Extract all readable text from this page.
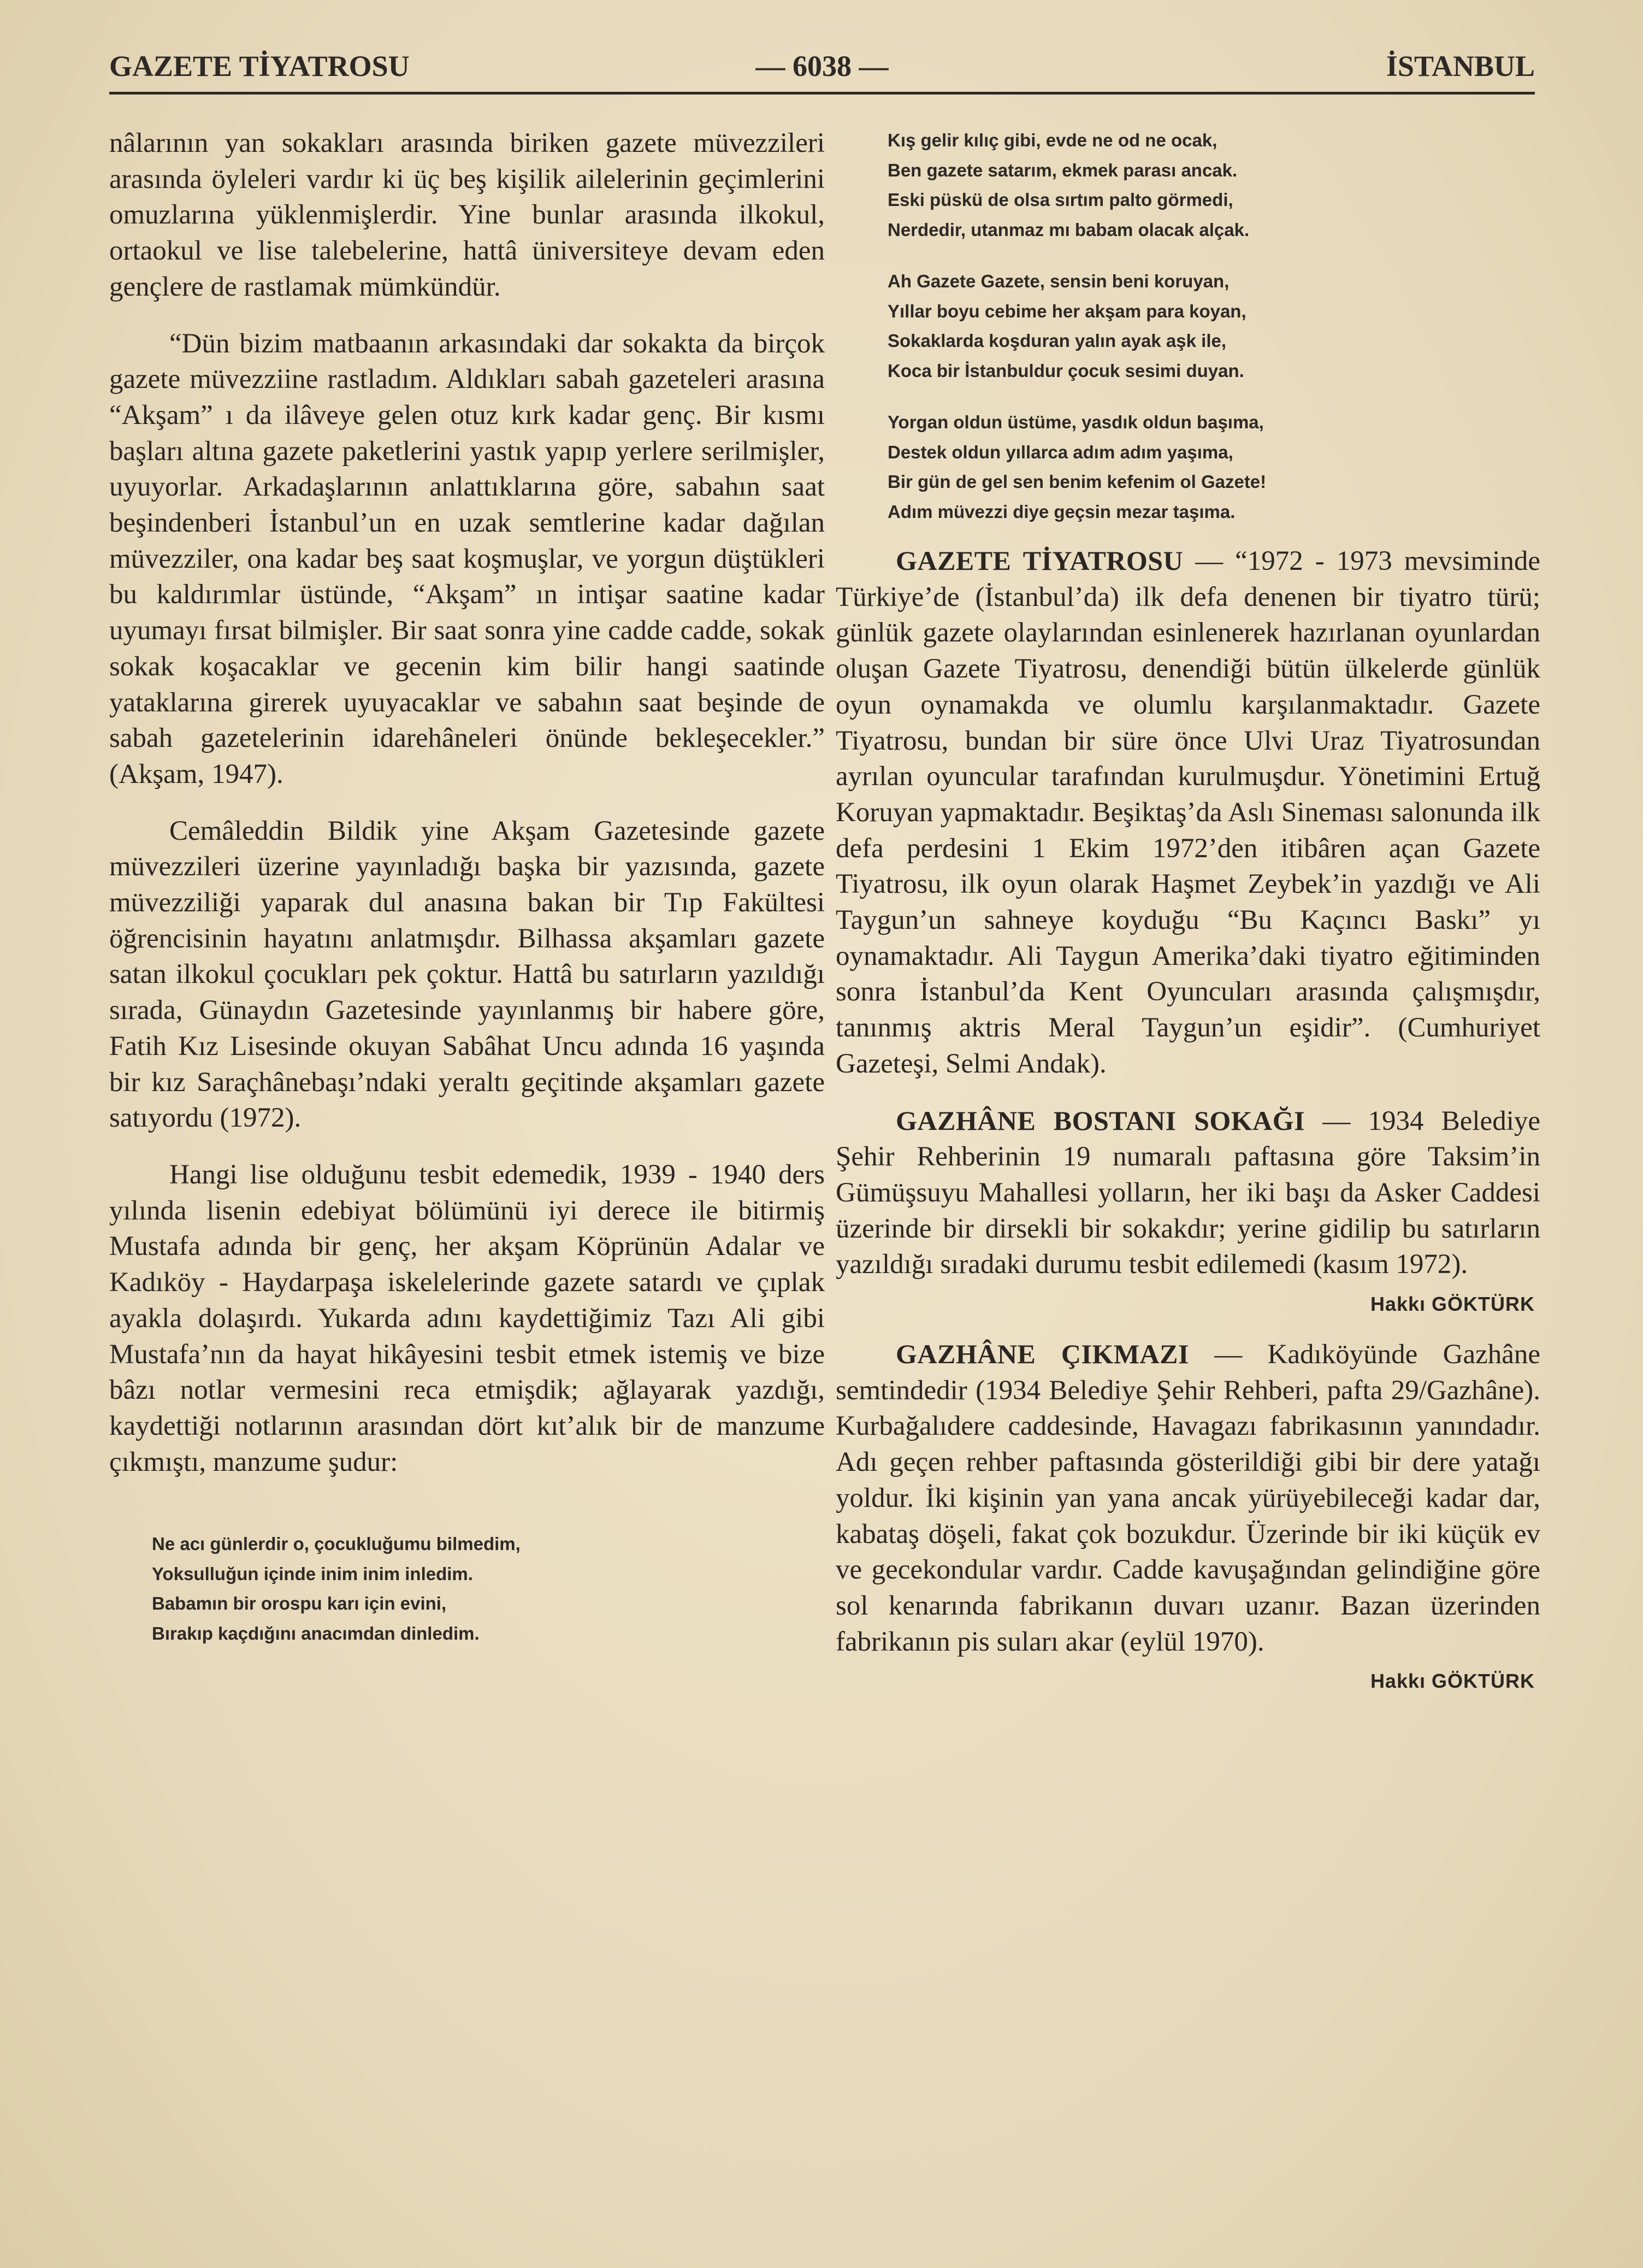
GAZETE TİYATROSU	— 6038 —	İSTANBUL

nâlarının yan sokakları arasında biriken gazete müvezzileri arasında öyleleri vardır ki üç beş kişilik ailelerinin geçimlerini omuzlarına yüklenmişlerdir. Yine bunlar arasında ilkokul, ortaokul ve lise talebelerine, hattâ üniversiteye devam eden gençlere de rastlamak mümkündür.

“Dün bizim matbaanın arkasındaki dar sokakta da birçok gazete müvezziine rastladım. Aldıkları sabah gazeteleri arasına “Akşam” ı da ilâveye gelen otuz kırk kadar genç. Bir kısmı başları altına gazete paketlerini yastık yapıp yerlere serilmişler, uyuyorlar. Arkadaşlarının anlattıklarına göre, sabahın saat beşindenberi İstanbul’un en uzak semtlerine kadar dağılan müvezziler, ona kadar beş saat koşmuşlar, ve yorgun düştükleri bu kaldırımlar üstünde, “Akşam” ın intişar saatine kadar uyumayı fırsat bilmişler. Bir saat sonra yine cadde cadde, sokak sokak koşacaklar ve gecenin kim bilir hangi saatinde yataklarına girerek uyuyacaklar ve sabahın saat beşinde de sabah gazetelerinin idarehâneleri önünde bekleşecekler.” (Akşam, 1947).

Cemâleddin Bildik yine Akşam Gazetesinde gazete müvezzileri üzerine yayınladığı başka bir yazısında, gazete müvezziliği yaparak dul anasına bakan bir Tıp Fakültesi öğrencisinin hayatını anlatmışdır. Bilhassa akşamları gazete satan ilkokul çocukları pek çoktur. Hattâ bu satırların yazıldığı sırada, Günaydın Gazetesinde yayınlanmış bir habere göre, Fatih Kız Lisesinde okuyan Sabâhat Uncu adında 16 yaşında bir kız Saraçhânebaşı’ndaki yeraltı geçitinde akşamları gazete satıyordu (1972).

Hangi lise olduğunu tesbit edemedik, 1939 - 1940 ders yılında lisenin edebiyat bölümünü iyi derece ile bitirmiş Mustafa adında bir genç, her akşam Köprünün Adalar ve Kadıköy - Haydarpaşa iskelelerinde gazete satardı ve çıplak ayakla dolaşırdı. Yukarda adını kaydettiğimiz Tazı Ali gibi Mustafa’nın da hayat hikâyesini tesbit etmek istemiş ve bize bâzı notlar vermesini reca etmişdik; ağlayarak yazdığı, kaydettiği notlarının arasından dört kıt’alık bir de manzume çıkmıştı, manzume şudur:

Ne acı günlerdir o, çocukluğumu bilmedim,
Yoksulluğun içinde inim inim inledim.
Babamın bir orospu karı için evini,
Bırakıp kaçdığını anacımdan dinledim.
Kış gelir kılıç gibi, evde ne od ne ocak,
Ben gazete satarım, ekmek parası ancak.
Eski püskü de olsa sırtım palto görmedi,
Nerdedir, utanmaz mı babam olacak alçak.
Ah Gazete Gazete, sensin beni koruyan,
Yıllar boyu cebime her akşam para koyan,
Sokaklarda koşduran yalın ayak aşk ile,
Koca bir İstanbuldur çocuk sesimi duyan.
Yorgan oldun üstüme, yasdık oldun başıma,
Destek oldun yıllarca adım adım yaşıma,
Bir gün de gel sen benim kefenim ol Gazete!
Adım müvezzi diye geçsin mezar taşıma.

GAZETE TİYATROSU — “1972 - 1973 mevsiminde Türkiye’de (İstanbul’da) ilk defa denenen bir tiyatro türü; günlük gazete olaylarından esinlenerek hazırlanan oyunlardan oluşan Gazete Tiyatrosu, denendiği bütün ülkelerde günlük oyun oynamakda ve olumlu karşılanmaktadır. Gazete Tiyatrosu, bundan bir süre önce Ulvi Uraz Tiyatrosundan ayrılan oyuncular tarafından kurulmuşdur. Yönetimini Ertuğ Koruyan yapmaktadır. Beşiktaş’da Aslı Sineması salonunda ilk defa perdesini 1 Ekim 1972’den itibâren açan Gazete Tiyatrosu, ilk oyun olarak Haşmet Zeybek’in yazdığı ve Ali Taygun’un sahneye koyduğu “Bu Kaçıncı Baskı” yı oynamaktadır. Ali Taygun Amerika’daki tiyatro eğitiminden sonra İstanbul’da Kent Oyuncuları arasında çalışmışdır, tanınmış aktris Meral Taygun’un eşidir”. (Cumhuriyet Gazeteşi, Selmi Andak).

GAZHÂNE BOSTANI SOKAĞI — 1934 Belediye Şehir Rehberinin 19 numaralı paftasına göre Taksim’in Gümüşsuyu Mahallesi yolların, her iki başı da Asker Caddesi üzerinde bir dirsekli bir sokakdır; yerine gidilip bu satırların yazıldığı sıradaki durumu tesbit edilemedi (kasım 1972).

Hakkı GÖKTÜRK

GAZHÂNE ÇIKMAZI — Kadıköyünde Gazhâne semtindedir (1934 Belediye Şehir Rehberi, pafta 29/Gazhâne). Kurbağalıdere caddesinde, Havagazı fabrikasının yanındadır. Adı geçen rehber paftasında gösterildiği gibi bir dere yatağı yoldur. İki kişinin yan yana ancak yürüyebileceği kadar dar, kabataş döşeli, fakat çok bozukdur. Üzerinde bir iki küçük ev ve gecekondular vardır. Cadde kavuşağından gelindiğine göre sol kenarında fabrikanın duvarı uzanır. Bazan üzerinden fabrikanın pis suları akar (eylül 1970).

Hakkı GÖKTÜRK
